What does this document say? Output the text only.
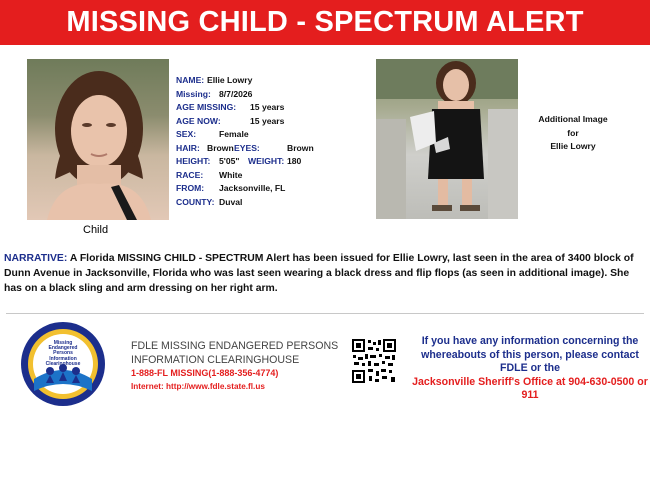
MISSING CHILD - SPECTRUM ALERT
Child
NAME: Ellie Lowry
Missing: 8/7/2026
AGE MISSING: 15 years
AGE NOW:	15 years
SEX:	Female
HAIR: Brown EYES:	Brown
HEIGHT: 5'05" WEIGHT: 180
RACE: White
FROM: Jacksonville, FL
COUNTY: Duval
Additional Image
for
Ellie Lowry
NARRATIVE: A Florida MISSING CHILD - SPECTRUM Alert has been issued for Ellie Lowry, last seen in the area of 3400 block of Dunn Avenue in Jacksonville, Florida who was last seen wearing a black dress and flip flops (as seen in additional image). She has on a black sling and arm dressing on her right arm.
Missing
Endangered
Persons
Information
Clearinghouse
FDLE MISSING ENDANGERED PERSONS
INFORMATION CLEARINGHOUSE
1-888-FL MISSING(1-888-356-4774)
Internet: http://www.fdle.state.fl.us
If you have any information concerning the whereabouts of this person, please contact FDLE or the
Jacksonville Sheriff's Office at 904-630-0500 or 911
